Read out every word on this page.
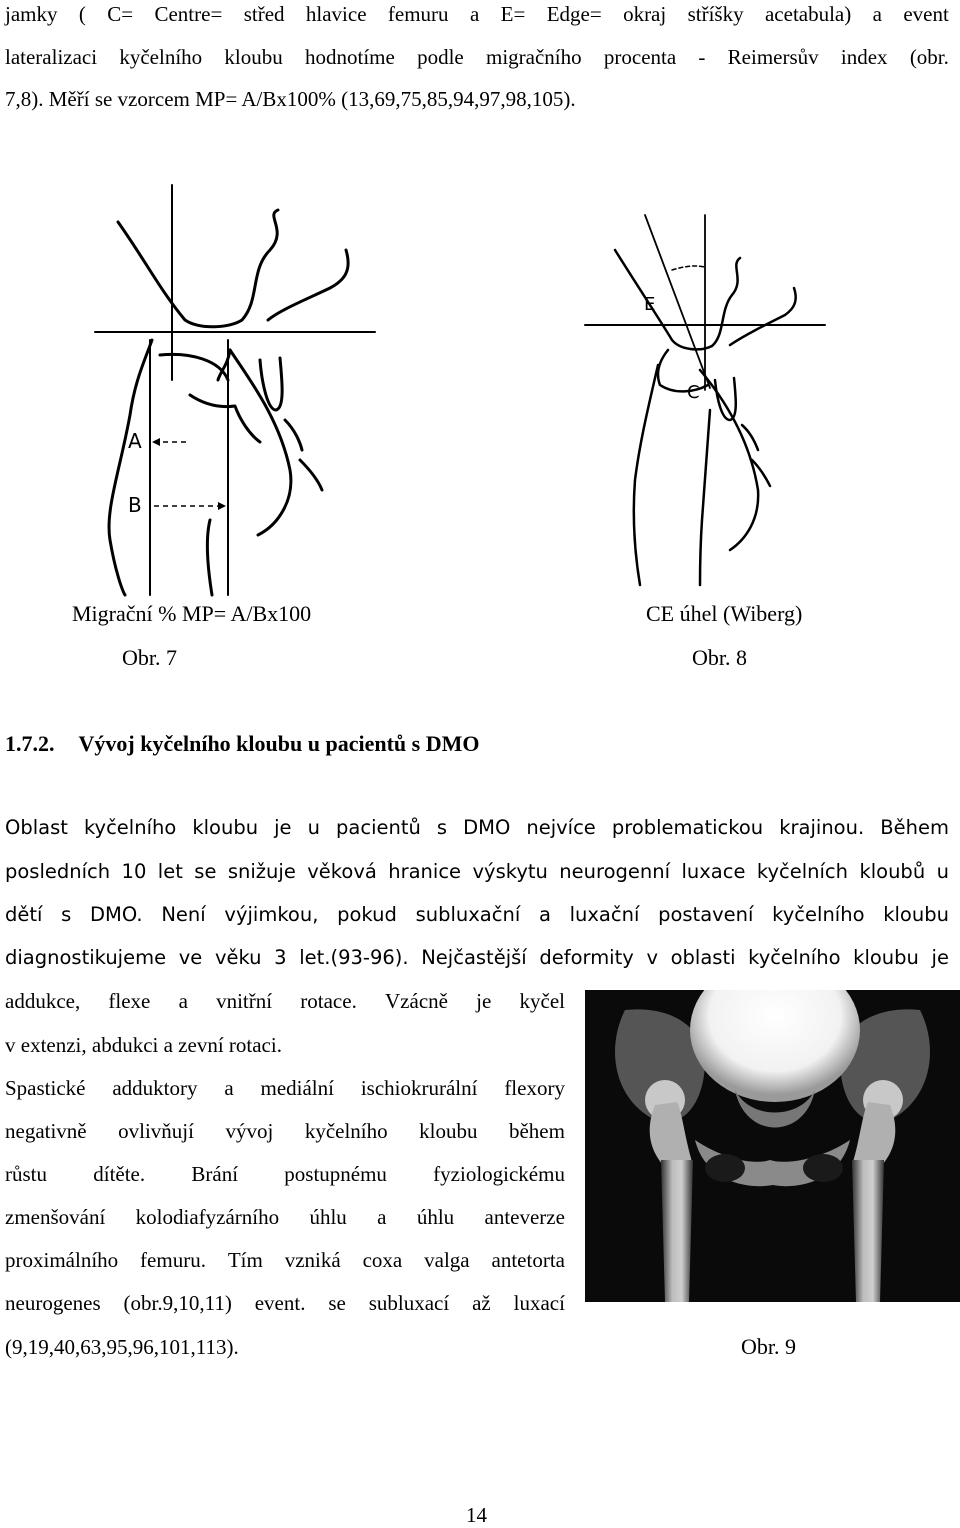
jamky ( C= Centre= střed hlavice femuru a E= Edge= okraj stříšky acetabula) a event
lateralizaci kyčelního kloubu hodnotíme podle migračního procenta - Reimersův index (obr.
7,8). Měří se vzorcem MP= A/Bx100% (13,69,75,85,94,97,98,105).
A
B
E
C
Migrační % MP= A/Bx100
Obr. 7
CE úhel (Wiberg)
Obr. 8
1.7.2. Vývoj kyčelního kloubu u pacientů s DMO
Oblast kyčelního kloubu je u pacientů s DMO nejvíce problematickou krajinou. Během
posledních 10 let se snižuje věková hranice výskytu neurogenní luxace kyčelních kloubů u
dětí s DMO. Není výjimkou, pokud subluxační a luxační postavení kyčelního kloubu
diagnostikujeme ve věku 3 let.(93-96). Nejčastější deformity v oblasti kyčelního kloubu je
addukce, flexe a vnitřní rotace. Vzácně je kyčel
v extenzi, abdukci a zevní rotaci.
Spastické adduktory a mediální ischiokrurální flexory
negativně ovlivňují vývoj kyčelního kloubu během
růstu dítěte. Brání postupnému fyziologickému
zmenšování kolodiafyzárního úhlu a úhlu anteverze
proximálního femuru. Tím vzniká coxa valga antetorta
neurogenes (obr.9,10,11) event. se subluxací až luxací
(9,19,40,63,95,96,101,113).	Obr. 9
14
